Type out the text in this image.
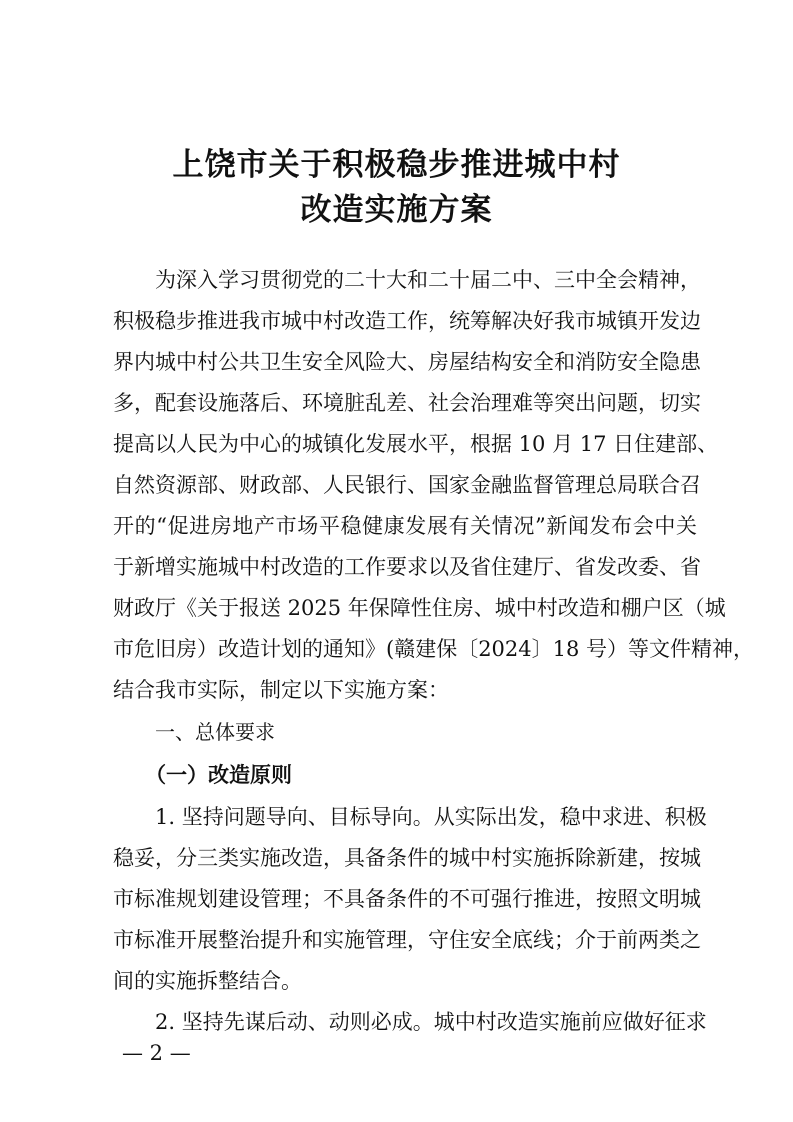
上饶市关于积极稳步推进城中村
改造实施方案
为深入学习贯彻党的二十大和二十届二中、三中全会精神，
积极稳步推进我市城中村改造工作，统筹解决好我市城镇开发边
界内城中村公共卫生安全风险大、房屋结构安全和消防安全隐患
多，配套设施落后、环境脏乱差、社会治理难等突出问题，切实
提高以人民为中心的城镇化发展水平，根据 10 月 17 日住建部、
自然资源部、财政部、人民银行、国家金融监督管理总局联合召
开的“促进房地产市场平稳健康发展有关情况”新闻发布会中关
于新增实施城中村改造的工作要求以及省住建厅、省发改委、省
财政厅《关于报送 2025 年保障性住房、城中村改造和棚户区（城
市危旧房）改造计划的通知》(赣建保〔2024〕18 号）等文件精神，
结合我市实际，制定以下实施方案：
一、总体要求
（一）改造原则
1. 坚持问题导向、目标导向。从实际出发，稳中求进、积极
稳妥，分三类实施改造，具备条件的城中村实施拆除新建，按城
市标准规划建设管理；不具备条件的不可强行推进，按照文明城
市标准开展整治提升和实施管理，守住安全底线；介于前两类之
间的实施拆整结合。
2. 坚持先谋后动、动则必成。城中村改造实施前应做好征求
— 2 —
